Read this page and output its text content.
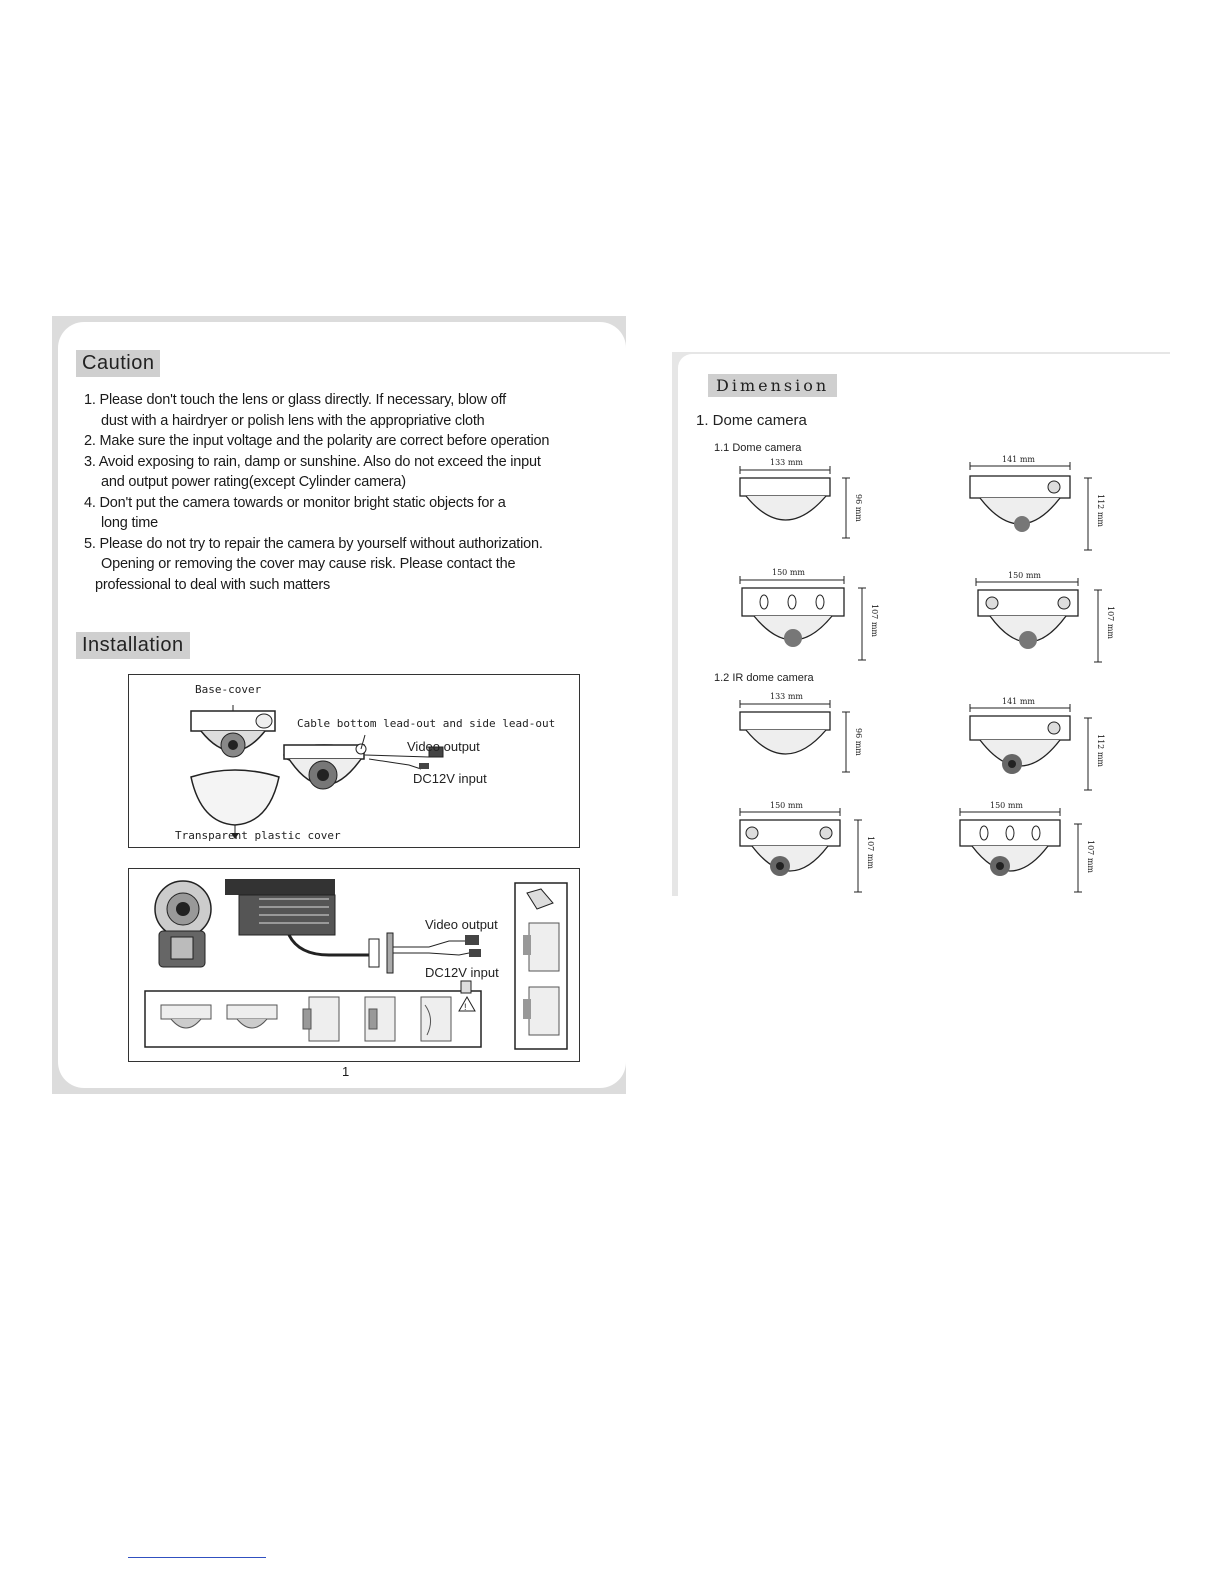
Caution
1. Please don't touch the lens or glass directly. If necessary, blow off
dust with a hairdryer or polish lens with the appropriative cloth
2. Make sure the input voltage and the polarity are correct before operation
3. Avoid exposing to rain, damp or sunshine. Also do not exceed the input
and output power rating(except Cylinder camera)
4. Don't put the camera towards or monitor bright static objects for a
long time
5. Please do not try to repair the camera by yourself without authorization.
Opening or removing the cover may cause risk. Please contact the
professional to deal with such matters
Installation
Base-cover
Cable bottom lead-out and side lead-out
Video output
DC12V input
Transparent plastic cover
!
Video output
DC12V input
1
Dimension
1. Dome camera
1.1 Dome camera
1.2 IR dome camera
133 mm
96 mm
141 mm
112 mm
150 mm
107 mm
150 mm
107 mm
133 mm
96 mm
141 mm
112 mm
150 mm
107 mm
150 mm
107 mm
